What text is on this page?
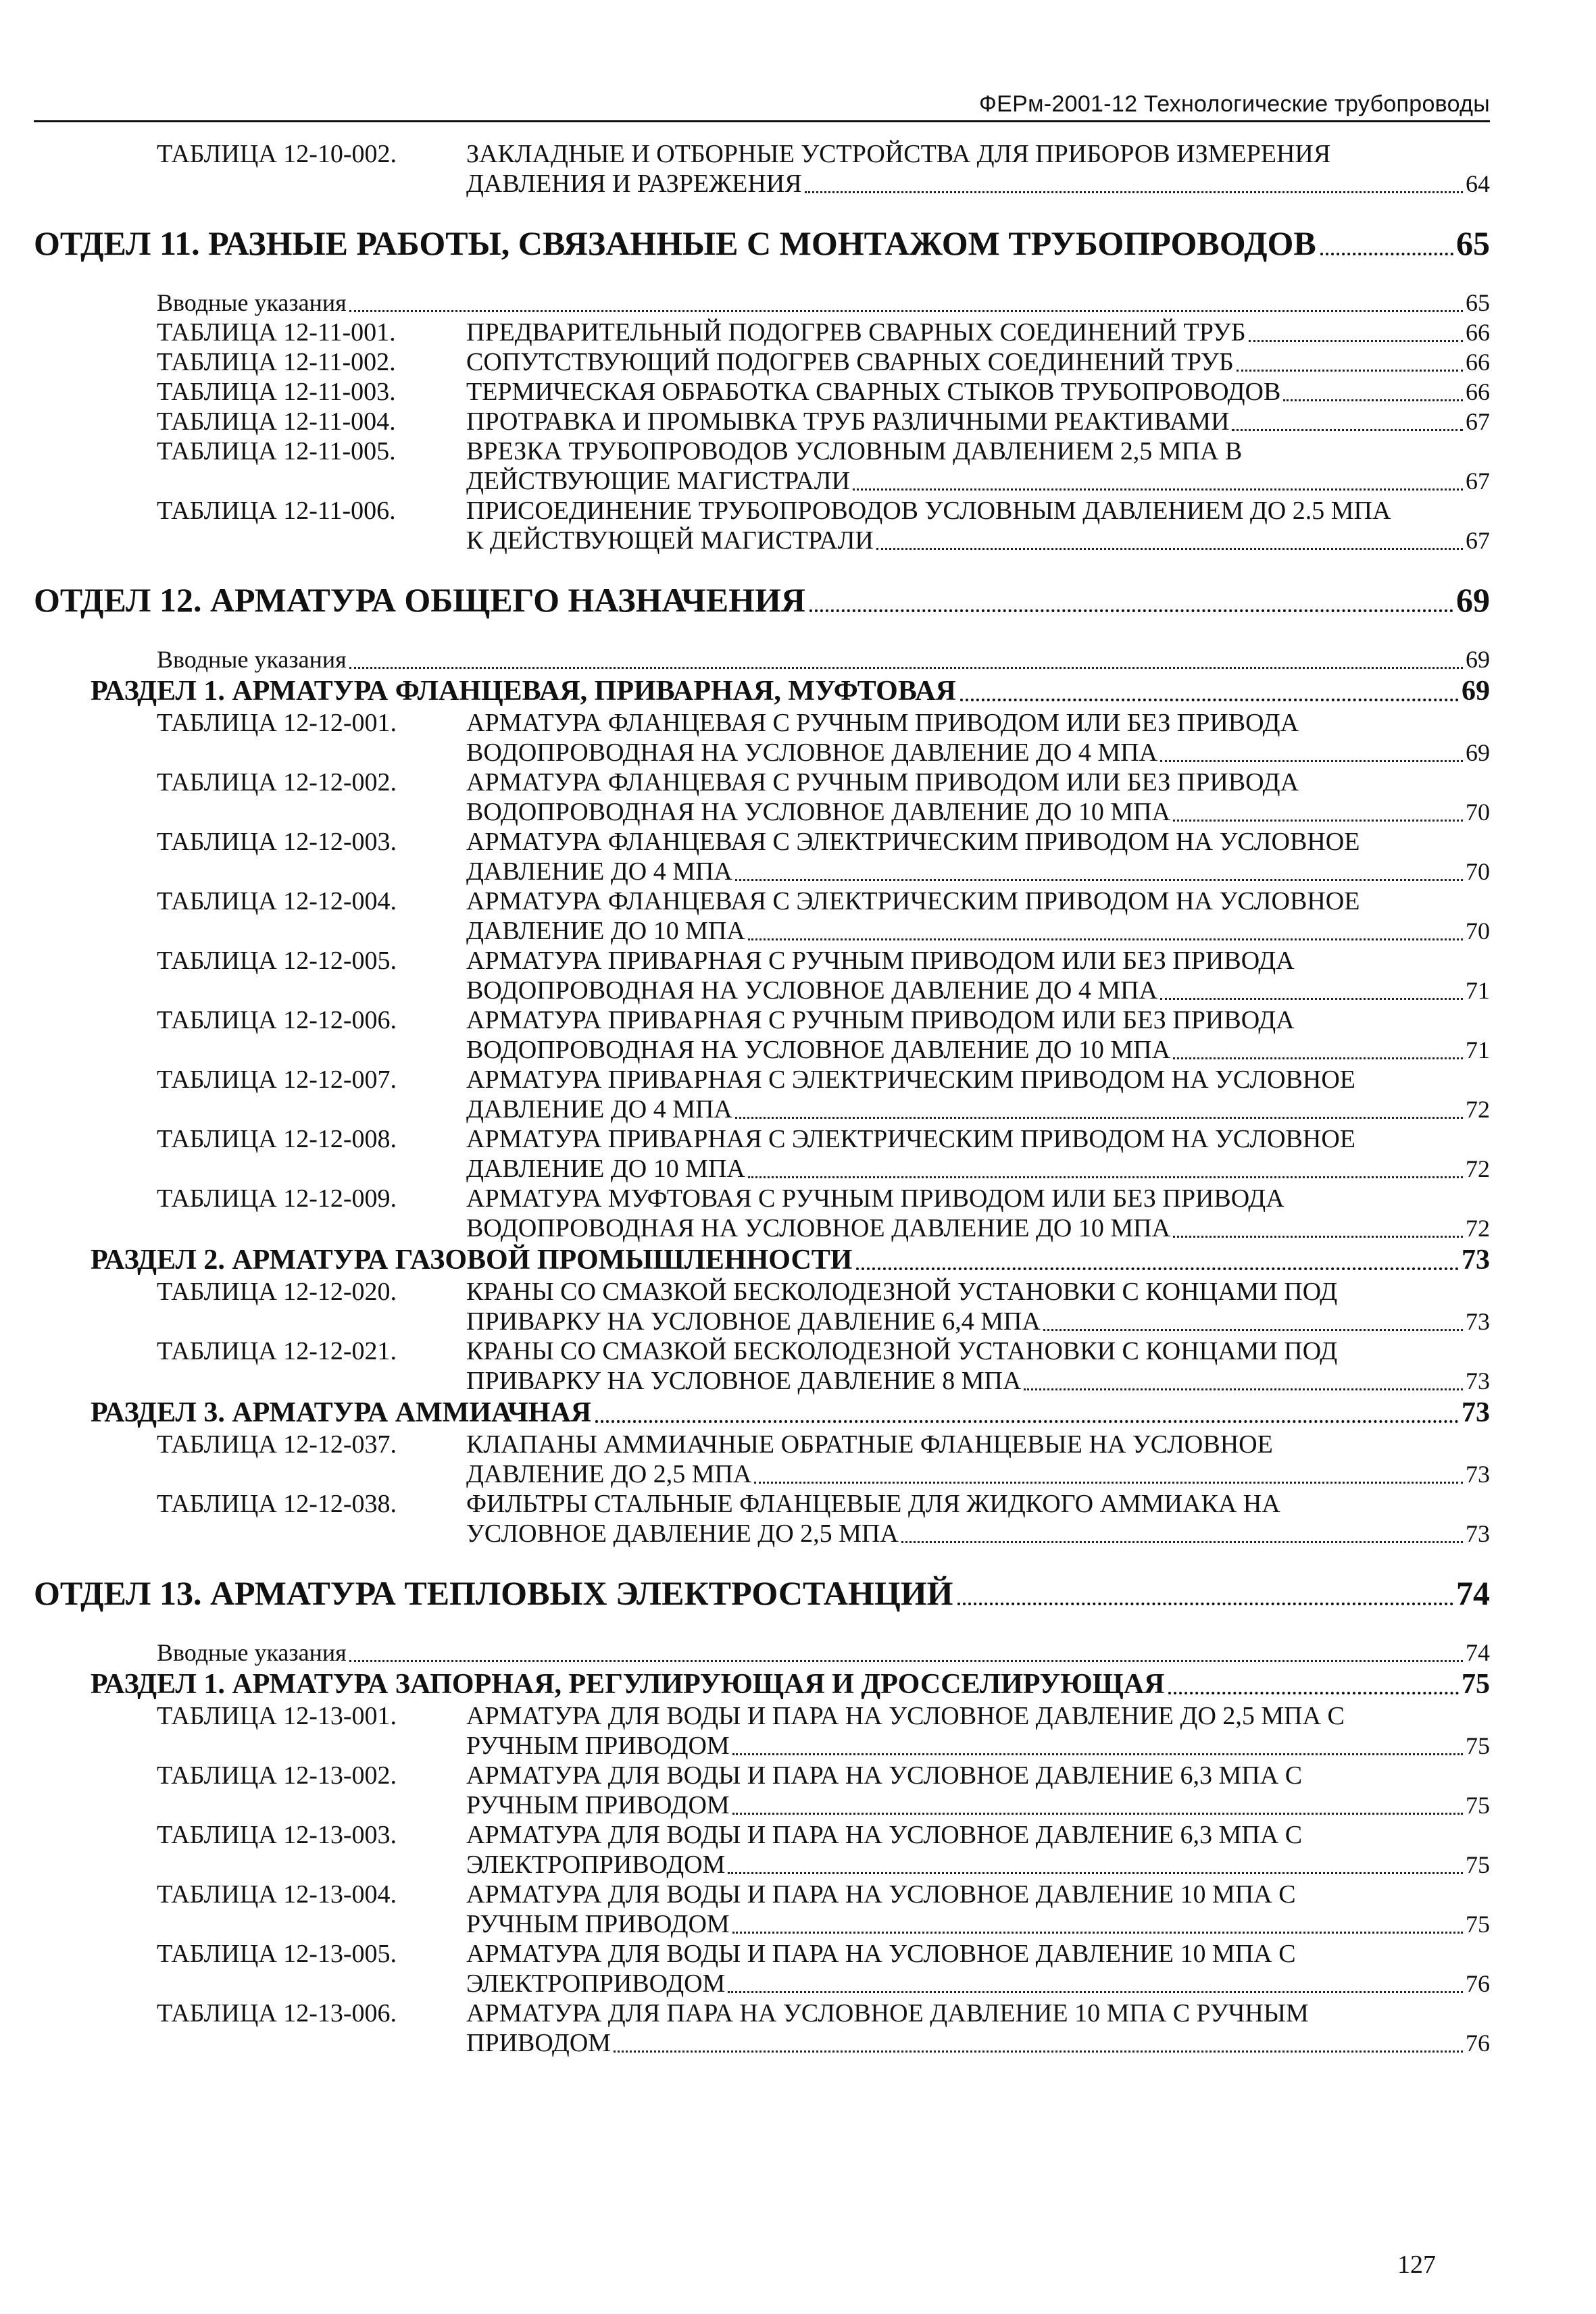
ФЕРм-2001-12 Технологические трубопроводы
ТАБЛИЦА 12-10-002.	ЗАКЛАДНЫЕ И ОТБОРНЫЕ УСТРОЙСТВА ДЛЯ ПРИБОРОВ ИЗМЕРЕНИЯ
ДАВЛЕНИЯ И РАЗРЕЖЕНИЯ	64
ОТДЕЛ 11. РАЗНЫЕ РАБОТЫ, СВЯЗАННЫЕ С МОНТАЖОМ ТРУБОПРОВОДОВ	65
Вводные указания	65
ТАБЛИЦА 12-11-001.	ПРЕДВАРИТЕЛЬНЫЙ ПОДОГРЕВ СВАРНЫХ СОЕДИНЕНИЙ ТРУБ	66
ТАБЛИЦА 12-11-002.	СОПУТСТВУЮЩИЙ ПОДОГРЕВ СВАРНЫХ СОЕДИНЕНИЙ ТРУБ	66
ТАБЛИЦА 12-11-003.	ТЕРМИЧЕСКАЯ ОБРАБОТКА СВАРНЫХ СТЫКОВ ТРУБОПРОВОДОВ	66
ТАБЛИЦА 12-11-004.	ПРОТРАВКА И ПРОМЫВКА ТРУБ РАЗЛИЧНЫМИ РЕАКТИВАМИ	67
ТАБЛИЦА 12-11-005.	ВРЕЗКА ТРУБОПРОВОДОВ УСЛОВНЫМ ДАВЛЕНИЕМ 2,5 МПА В
ДЕЙСТВУЮЩИЕ МАГИСТРАЛИ	67
ТАБЛИЦА 12-11-006.	ПРИСОЕДИНЕНИЕ ТРУБОПРОВОДОВ УСЛОВНЫМ ДАВЛЕНИЕМ ДО 2.5 МПА
К ДЕЙСТВУЮЩЕЙ МАГИСТРАЛИ	67
ОТДЕЛ 12. АРМАТУРА ОБЩЕГО НАЗНАЧЕНИЯ	69
Вводные указания	69
РАЗДЕЛ 1. АРМАТУРА ФЛАНЦЕВАЯ, ПРИВАРНАЯ, МУФТОВАЯ	69
ТАБЛИЦА 12-12-001.	АРМАТУРА ФЛАНЦЕВАЯ С РУЧНЫМ ПРИВОДОМ ИЛИ БЕЗ ПРИВОДА
ВОДОПРОВОДНАЯ НА УСЛОВНОЕ ДАВЛЕНИЕ ДО 4 МПА	69
ТАБЛИЦА 12-12-002.	АРМАТУРА ФЛАНЦЕВАЯ С РУЧНЫМ ПРИВОДОМ ИЛИ БЕЗ ПРИВОДА
ВОДОПРОВОДНАЯ НА УСЛОВНОЕ ДАВЛЕНИЕ ДО 10 МПА	70
ТАБЛИЦА 12-12-003.	АРМАТУРА ФЛАНЦЕВАЯ С ЭЛЕКТРИЧЕСКИМ ПРИВОДОМ НА УСЛОВНОЕ
ДАВЛЕНИЕ ДО 4 МПА	70
ТАБЛИЦА 12-12-004.	АРМАТУРА ФЛАНЦЕВАЯ С ЭЛЕКТРИЧЕСКИМ ПРИВОДОМ НА УСЛОВНОЕ
ДАВЛЕНИЕ ДО 10 МПА	70
ТАБЛИЦА 12-12-005.	АРМАТУРА ПРИВАРНАЯ С РУЧНЫМ ПРИВОДОМ ИЛИ БЕЗ ПРИВОДА
ВОДОПРОВОДНАЯ НА УСЛОВНОЕ ДАВЛЕНИЕ ДО 4 МПА	71
ТАБЛИЦА 12-12-006.	АРМАТУРА ПРИВАРНАЯ С РУЧНЫМ ПРИВОДОМ ИЛИ БЕЗ ПРИВОДА
ВОДОПРОВОДНАЯ НА УСЛОВНОЕ ДАВЛЕНИЕ ДО 10 МПА	71
ТАБЛИЦА 12-12-007.	АРМАТУРА ПРИВАРНАЯ С ЭЛЕКТРИЧЕСКИМ ПРИВОДОМ НА УСЛОВНОЕ
ДАВЛЕНИЕ ДО 4 МПА	72
ТАБЛИЦА 12-12-008.	АРМАТУРА ПРИВАРНАЯ С ЭЛЕКТРИЧЕСКИМ ПРИВОДОМ НА УСЛОВНОЕ
ДАВЛЕНИЕ ДО 10 МПА	72
ТАБЛИЦА 12-12-009.	АРМАТУРА МУФТОВАЯ С РУЧНЫМ ПРИВОДОМ ИЛИ БЕЗ ПРИВОДА
ВОДОПРОВОДНАЯ НА УСЛОВНОЕ ДАВЛЕНИЕ ДО 10 МПА	72
РАЗДЕЛ 2. АРМАТУРА ГАЗОВОЙ ПРОМЫШЛЕННОСТИ	73
ТАБЛИЦА 12-12-020.	КРАНЫ СО СМАЗКОЙ БЕСКОЛОДЕЗНОЙ УСТАНОВКИ С КОНЦАМИ ПОД
ПРИВАРКУ НА УСЛОВНОЕ ДАВЛЕНИЕ 6,4 МПА	73
ТАБЛИЦА 12-12-021.	КРАНЫ СО СМАЗКОЙ БЕСКОЛОДЕЗНОЙ УСТАНОВКИ С КОНЦАМИ ПОД
ПРИВАРКУ НА УСЛОВНОЕ ДАВЛЕНИЕ 8 МПА	73
РАЗДЕЛ 3. АРМАТУРА АММИАЧНАЯ	73
ТАБЛИЦА 12-12-037.	КЛАПАНЫ АММИАЧНЫЕ ОБРАТНЫЕ ФЛАНЦЕВЫЕ НА УСЛОВНОЕ
ДАВЛЕНИЕ ДО 2,5 МПА	73
ТАБЛИЦА 12-12-038.	ФИЛЬТРЫ СТАЛЬНЫЕ ФЛАНЦЕВЫЕ ДЛЯ ЖИДКОГО АММИАКА НА
УСЛОВНОЕ ДАВЛЕНИЕ ДО 2,5 МПА	73
ОТДЕЛ 13. АРМАТУРА ТЕПЛОВЫХ ЭЛЕКТРОСТАНЦИЙ	74
Вводные указания	74
РАЗДЕЛ 1. АРМАТУРА ЗАПОРНАЯ, РЕГУЛИРУЮЩАЯ И ДРОССЕЛИРУЮЩАЯ	75
ТАБЛИЦА 12-13-001.	АРМАТУРА ДЛЯ ВОДЫ И ПАРА НА УСЛОВНОЕ ДАВЛЕНИЕ ДО 2,5 МПА С
РУЧНЫМ ПРИВОДОМ	75
ТАБЛИЦА 12-13-002.	АРМАТУРА ДЛЯ ВОДЫ И ПАРА НА УСЛОВНОЕ ДАВЛЕНИЕ 6,3 МПА С
РУЧНЫМ ПРИВОДОМ	75
ТАБЛИЦА 12-13-003.	АРМАТУРА ДЛЯ ВОДЫ И ПАРА НА УСЛОВНОЕ ДАВЛЕНИЕ 6,3 МПА С
ЭЛЕКТРОПРИВОДОМ	75
ТАБЛИЦА 12-13-004.	АРМАТУРА ДЛЯ ВОДЫ И ПАРА НА УСЛОВНОЕ ДАВЛЕНИЕ 10 МПА С
РУЧНЫМ ПРИВОДОМ	75
ТАБЛИЦА 12-13-005.	АРМАТУРА ДЛЯ ВОДЫ И ПАРА НА УСЛОВНОЕ ДАВЛЕНИЕ 10 МПА С
ЭЛЕКТРОПРИВОДОМ	76
ТАБЛИЦА 12-13-006.	АРМАТУРА ДЛЯ ПАРА НА УСЛОВНОЕ ДАВЛЕНИЕ 10 МПА С РУЧНЫМ
ПРИВОДОМ	76
127
